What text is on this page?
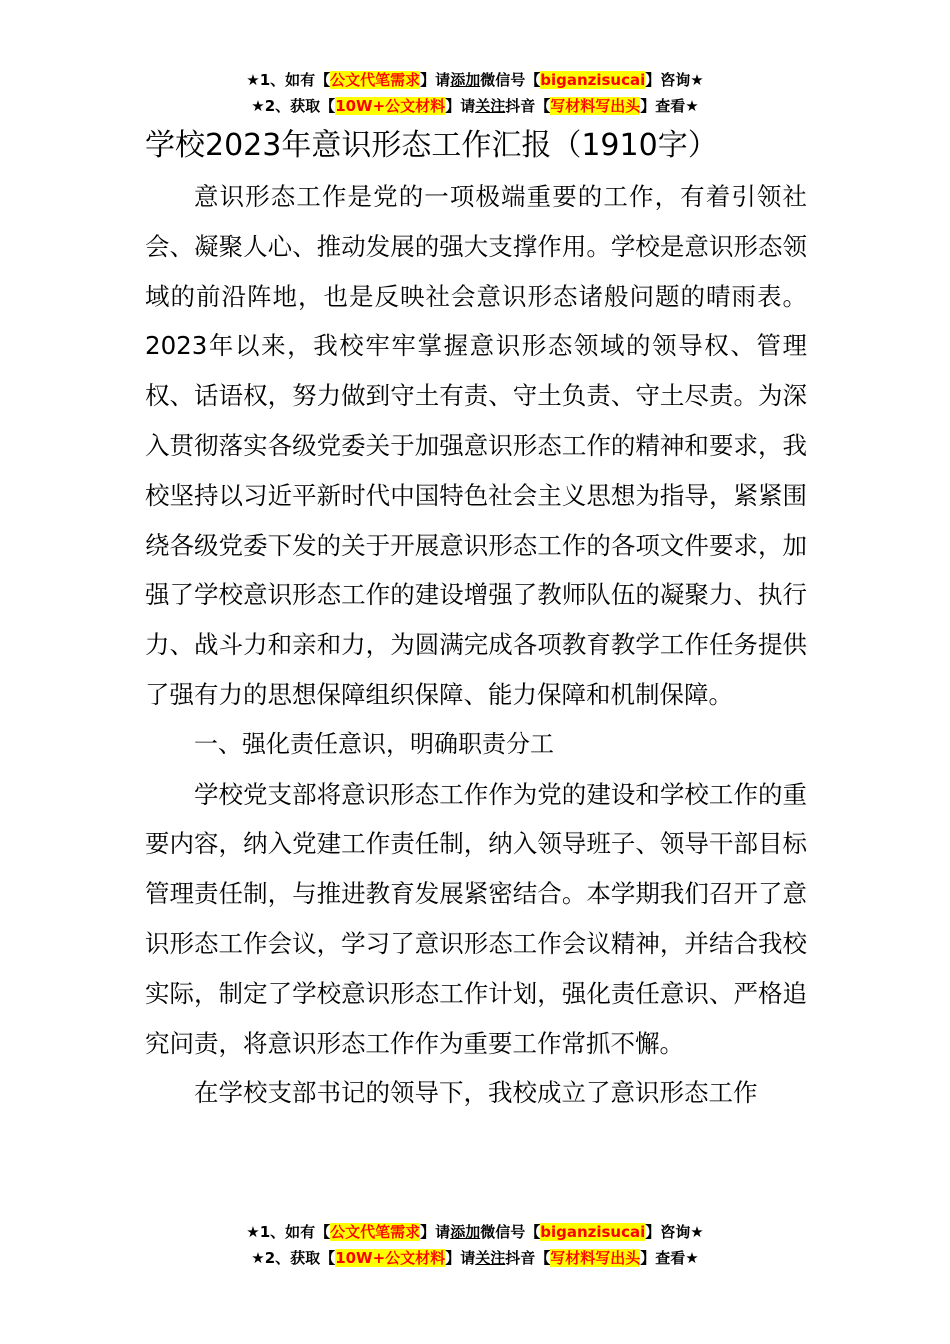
★1、如有【公文代笔需求】请添加微信号【biganzisucai】咨询★
★2、获取【10W+公文材料】请关注抖音【写材料写出头】查看★
学校2023年意识形态工作汇报（1910字）

意识形态工作是党的一项极端重要的工作，有着引领社会、凝聚人心、推动发展的强大支撑作用。学校是意识形态领域的前沿阵地，也是反映社会意识形态诸般问题的晴雨表。2023年以来，我校牢牢掌握意识形态领域的领导权、管理权、话语权，努力做到守土有责、守土负责、守土尽责。为深入贯彻落实各级党委关于加强意识形态工作的精神和要求，我校坚持以习近平新时代中国特色社会主义思想为指导，紧紧围绕各级党委下发的关于开展意识形态工作的各项文件要求，加强了学校意识形态工作的建设增强了教师队伍的凝聚力、执行力、战斗力和亲和力，为圆满完成各项教育教学工作任务提供了强有力的思想保障组织保障、能力保障和机制保障。

一、强化责任意识，明确职责分工

学校党支部将意识形态工作作为党的建设和学校工作的重要内容，纳入党建工作责任制，纳入领导班子、领导干部目标管理责任制，与推进教育发展紧密结合。本学期我们召开了意识形态工作会议，学习了意识形态工作会议精神，并结合我校实际，制定了学校意识形态工作计划，强化责任意识、严格追究问责，将意识形态工作作为重要工作常抓不懈。

在学校支部书记的领导下，我校成立了意识形态工作

★1、如有【公文代笔需求】请添加微信号【biganzisucai】咨询★
★2、获取【10W+公文材料】请关注抖音【写材料写出头】查看★
